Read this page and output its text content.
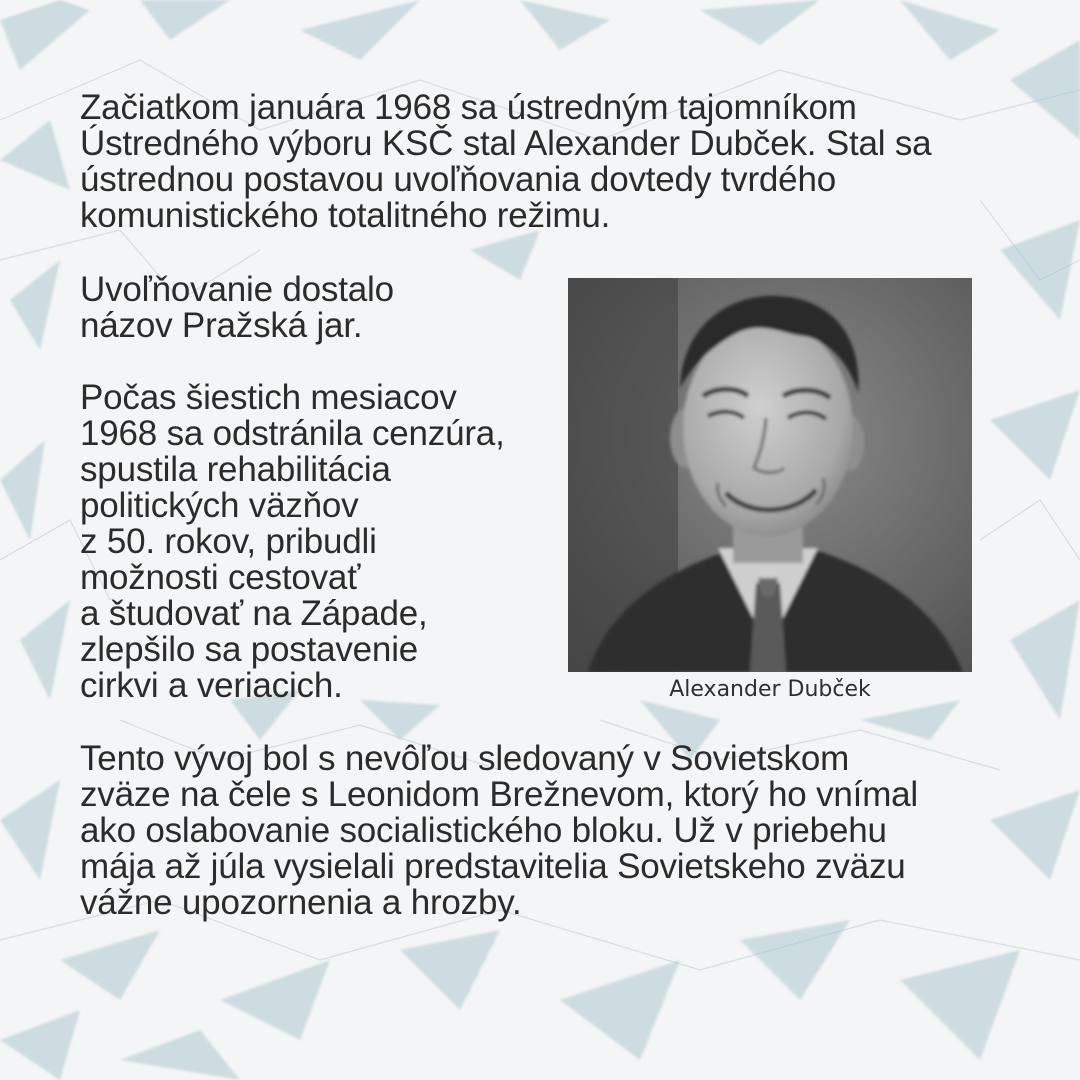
Začiatkom januára 1968 sa ústredným tajomníkom
Ústredného výboru KSČ stal Alexander Dubček. Stal sa
ústrednou postavou uvoľňovania dovtedy tvrdého
komunistického totalitného režimu.

Uvoľňovanie dostalo
názov Pražská jar.

Počas šiestich mesiacov
1968 sa odstránila cenzúra,
spustila rehabilitácia
politických väzňov
z 50. rokov, pribudli
možnosti cestovať
a študovať na Západe,
zlepšilo sa postavenie
cirkvi a veriacich.

Tento vývoj bol s nevôľou sledovaný v Sovietskom
zväze na čele s Leonidom Brežnevom, ktorý ho vnímal
ako oslabovanie socialistického bloku. Už v priebehu
mája až júla vysielali predstavitelia Sovietskeho zväzu
vážne upozornenia a hrozby.

Alexander Dubček
